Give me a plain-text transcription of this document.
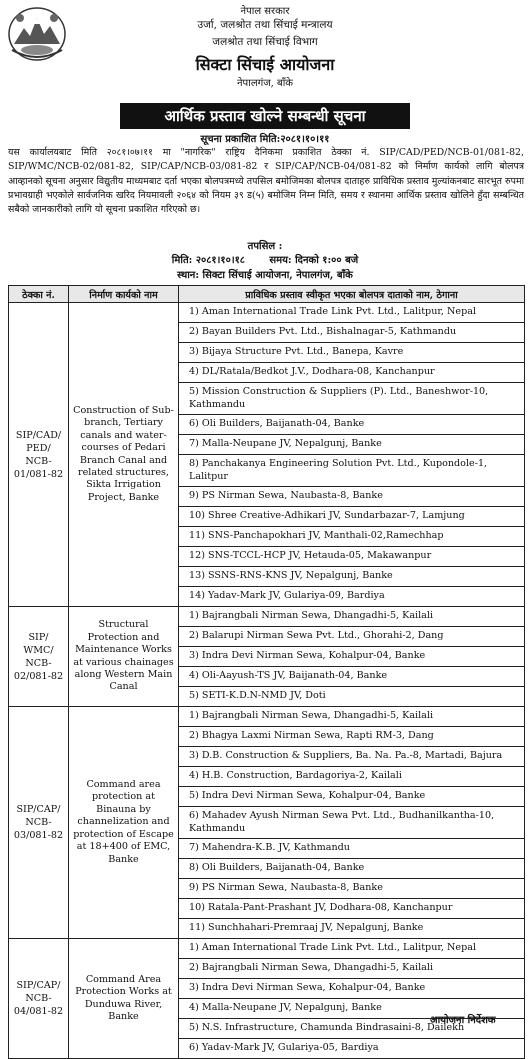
नेपाल सरकार
उर्जा, जलश्रोत तथा सिंचाई मन्त्रालय
जलश्रोत तथा सिंचाई विभाग
सिक्टा सिंचाई आयोजना
नेपालगंज, बाँके
आर्थिक प्रस्ताव खोल्ने सम्बन्धी सूचना
सूचना प्रकाशित मिति:२०८१।१०।११
यस कार्यालयबाट मिति २०८१।०७।११ मा "नागरिक" राष्ट्रिय दैनिकमा प्रकाशित ठेक्का नं. SIP/CAD/PED/NCB-01/081-82, SIP/WMC/NCB-02/081-82, SIP/CAP/NCB-03/081-82 र SIP/CAP/NCB-04/081-82 को निर्माण कार्यको लागि बोलपत्र आव्हानको सूचना अनुसार विद्युतीय माध्यमबाट दर्ता भएका बोलपत्रमध्ये तपसिल बमोजिमका बोलपत्र दाताहरु प्राविधिक प्रस्ताव मुल्यांकनबाट सारभूत रुपमा प्रभावग्राही भएकोले सार्वजनिक खरिद नियमावली २०६४ को नियम ३९ ड(५) बमोजिम निम्न मिति, समय र स्थानमा आर्थिक प्रस्ताव खोलिने हुँदा सम्बन्धित सबैको जानकारीको लागि यो सूचना प्रकाशित गरिएको छ।
तपसिल :
मिति: २०८१।१०।१८       समय: दिनको १:०० बजे
स्थान: सिक्टा सिंचाई आयोजना, नेपालगंज, बाँके
ठेक्का नं.	निर्माण कार्यको नाम	प्राविधिक प्रस्ताव स्वीकृत भएका बोलपत्र दाताको नाम, ठेगाना
SIP/CAD/
PED/
NCB-
01/081-82	Construction of Sub-branch, Tertiary canals and water-courses of Pedari Branch Canal and related structures, Sikta Irrigation Project, Banke	1) Aman International Trade Link Pvt. Ltd., Lalitpur, Nepal
		2) Bayan Builders Pvt. Ltd., Bishalnagar-5, Kathmandu
		3) Bijaya Structure Pvt. Ltd., Banepa, Kavre
		4) DL/Ratala/Bedkot J.V., Dodhara-08, Kanchanpur
		5) Mission Construction & Suppliers (P). Ltd., Baneshwor-10, Kathmandu
		6) Oli Builders, Baijanath-04, Banke
		7) Malla-Neupane JV, Nepalgunj, Banke
		8) Panchakanya Engineering Solution Pvt. Ltd., Kupondole-1, Lalitpur
		9) PS Nirman Sewa, Naubasta-8, Banke
		10) Shree Creative-Adhikari JV, Sundarbazar-7, Lamjung
		11) SNS-Panchapokhari JV, Manthali-02,Ramechhap
		12) SNS-TCCL-HCP JV, Hetauda-05, Makawanpur
		13) SSNS-RNS-KNS JV, Nepalgunj, Banke
		14) Yadav-Mark JV, Gulariya-09, Bardiya
SIP/
WMC/
NCB-
02/081-82	Structural Protection and Maintenance Works at various chainages along Western Main Canal	1) Bajrangbali Nirman Sewa, Dhangadhi-5, Kailali
		2) Balarupi Nirman Sewa Pvt. Ltd., Ghorahi-2, Dang
		3) Indra Devi Nirman Sewa, Kohalpur-04, Banke
		4) Oli-Aayush-TS JV, Baijanath-04, Banke
		5) SETI-K.D.N-NMD JV, Doti
SIP/CAP/
NCB-
03/081-82	Command area protection at Binauna by channelization and protection of Escape at 18+400 of EMC, Banke	1) Bajrangbali Nirman Sewa, Dhangadhi-5, Kailali
		2) Bhagya Laxmi Nirman Sewa, Rapti RM-3, Dang
		3) D.B. Construction & Suppliers, Ba. Na. Pa.-8, Martadi, Bajura
		4) H.B. Construction, Bardagoriya-2, Kailali
		5) Indra Devi Nirman Sewa, Kohalpur-04, Banke
		6) Mahadev Ayush Nirman Sewa Pvt. Ltd., Budhanilkantha-10, Kathmandu
		7) Mahendra-K.B. JV, Kathmandu
		8) Oli Builders, Baijanath-04, Banke
		9) PS Nirman Sewa, Naubasta-8, Banke
		10) Ratala-Pant-Prashant JV, Dodhara-08, Kanchanpur
		11) Sunchhahari-Premraaj JV, Nepalgunj, Banke
SIP/CAP/
NCB-
04/081-82	Command Area Protection Works at Dunduwa River, Banke	1) Aman International Trade Link Pvt. Ltd., Lalitpur, Nepal
		2) Bajrangbali Nirman Sewa, Dhangadhi-5, Kailali
		3) Indra Devi Nirman Sewa, Kohalpur-04, Banke
		4) Malla-Neupane JV, Nepalgunj, Banke
		5) N.S. Infrastructure, Chamunda Bindrasaini-8, Dailekh
		6) Yadav-Mark JV, Gulariya-05, Bardiya
आयोजना निर्देशक
